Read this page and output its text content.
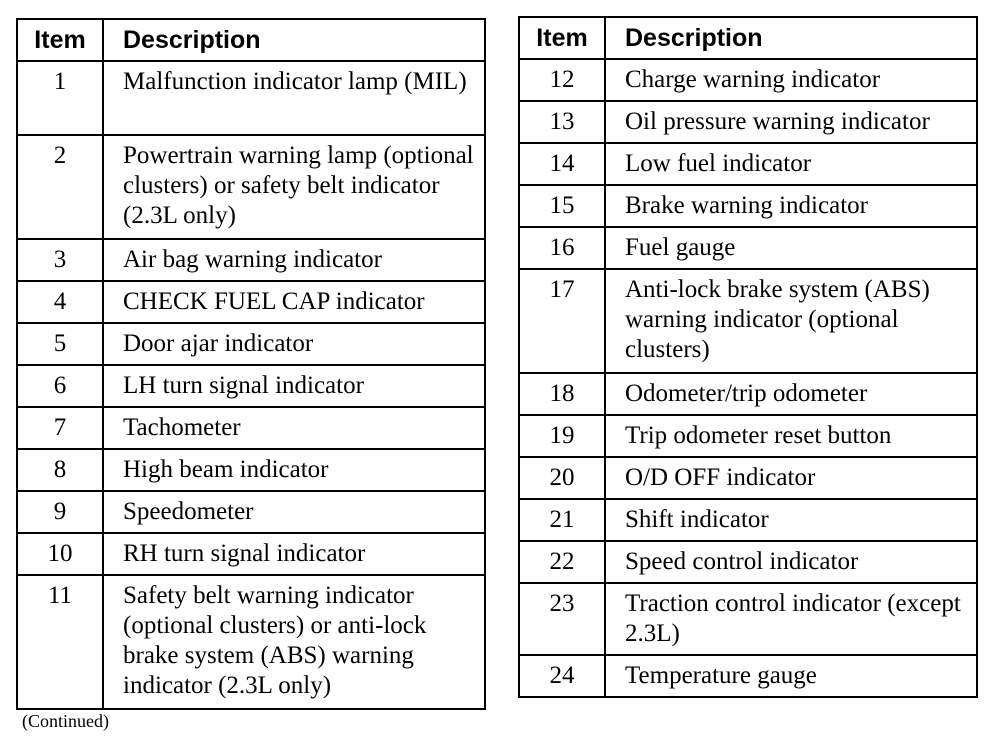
Item	Description
1	Malfunction indicator lamp (MIL)
2	Powertrain warning lamp (optional clusters) or safety belt indicator (2.3L only)
3	Air bag warning indicator
4	CHECK FUEL CAP indicator
5	Door ajar indicator
6	LH turn signal indicator
7	Tachometer
8	High beam indicator
9	Speedometer
10	RH turn signal indicator
11	Safety belt warning indicator (optional clusters) or anti-lock brake system (ABS) warning indicator (2.3L only)
Item	Description
12	Charge warning indicator
13	Oil pressure warning indicator
14	Low fuel indicator
15	Brake warning indicator
16	Fuel gauge
17	Anti-lock brake system (ABS) warning indicator (optional clusters)
18	Odometer/trip odometer
19	Trip odometer reset button
20	O/D OFF indicator
21	Shift indicator
22	Speed control indicator
23	Traction control indicator (except 2.3L)
24	Temperature gauge
(Continued)
